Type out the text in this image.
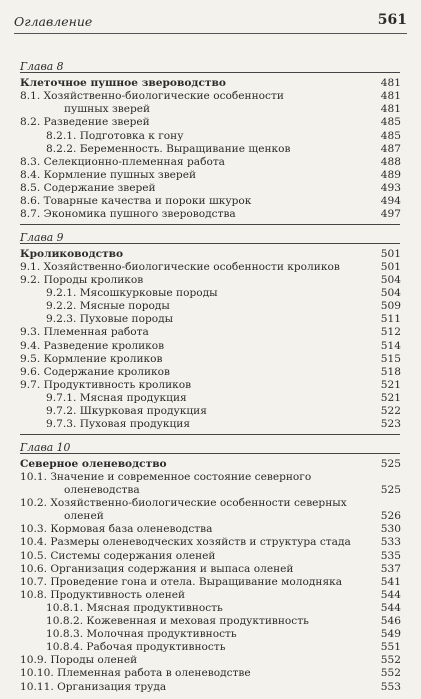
Оглавление	561
Глава 8
Клеточное пушное звероводство	481
8.1. Хозяйственно-биологические особенности	481
пушных зверей	481
8.2. Разведение зверей	485
8.2.1. Подготовка к гону	485
8.2.2. Беременность. Выращивание щенков	487
8.3. Селекционно-племенная работа	488
8.4. Кормление пушных зверей	489
8.5. Содержание зверей	493
8.6. Товарные качества и пороки шкурок	494
8.7. Экономика пушного звероводства	497
Глава 9
Кролиководство	501
9.1. Хозяйственно-биологические особенности кроликов	501
9.2. Породы кроликов	504
9.2.1. Мясошкурковые породы	504
9.2.2. Мясные породы	509
9.2.3. Пуховые породы	511
9.3. Племенная работа	512
9.4. Разведение кроликов	514
9.5. Кормление кроликов	515
9.6. Содержание кроликов	518
9.7. Продуктивность кроликов	521
9.7.1. Мясная продукция	521
9.7.2. Шкурковая продукция	522
9.7.3. Пуховая продукция	523
Глава 10
Северное оленеводство	525
10.1. Значение и современное состояние северного
оленеводства	525
10.2. Хозяйственно-биологические особенности северных
оленей	526
10.3. Кормовая база оленеводства	530
10.4. Размеры оленеводческих хозяйств и структура стада	533
10.5. Системы содержания оленей	535
10.6. Организация содержания и выпаса оленей	537
10.7. Проведение гона и отела. Выращивание молодняка	541
10.8. Продуктивность оленей	544
10.8.1. Мясная продуктивность	544
10.8.2. Кожевенная и меховая продуктивность	546
10.8.3. Молочная продуктивность	549
10.8.4. Рабочая продуктивность	551
10.9. Породы оленей	552
10.10. Племенная работа в оленеводстве	552
10.11. Организация труда	553
